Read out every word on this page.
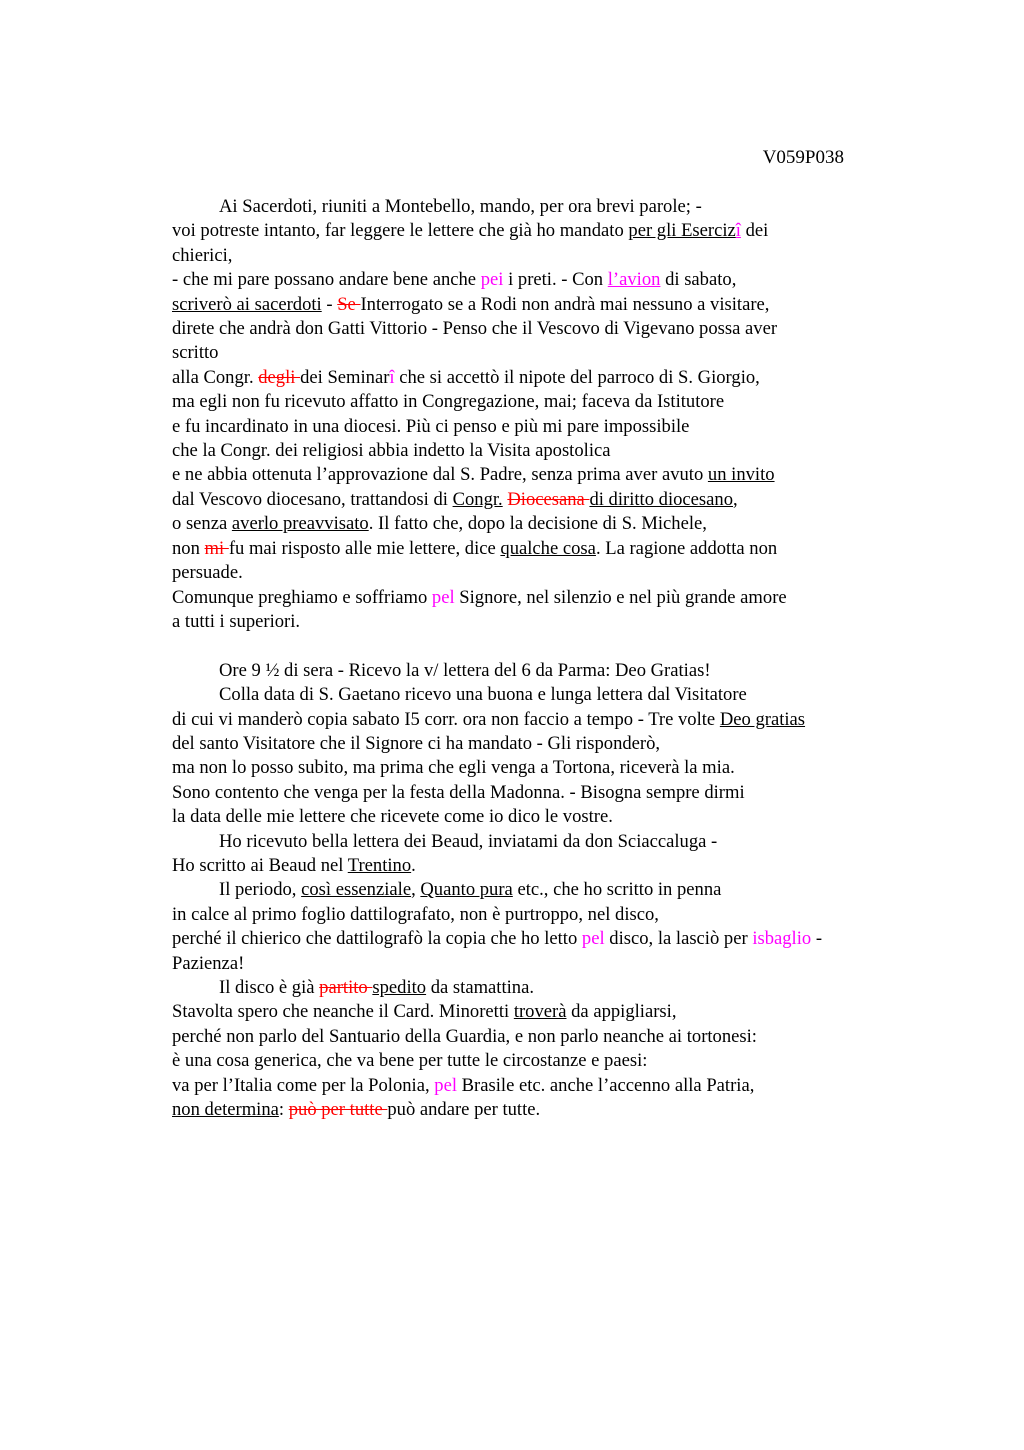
V059P038
Ai Sacerdoti, riuniti a Montebello, mando, per ora brevi parole; -
voi potreste intanto, far leggere le lettere che già ho mandato per gli Esercizî dei
chierici,
- che mi pare possano andare bene anche pei i preti. - Con l’avion di sabato,
scriverò ai sacerdoti - Se Interrogato se a Rodi non andrà mai nessuno a visitare,
direte che andrà don Gatti Vittorio - Penso che il Vescovo di Vigevano possa aver
scritto
alla Congr. degli dei Seminarî che si accettò il nipote del parroco di S. Giorgio,
ma egli non fu ricevuto affatto in Congregazione, mai; faceva da Istitutore
e fu incardinato in una diocesi. Più ci penso e più mi pare impossibile
che la Congr. dei religiosi abbia indetto la Visita apostolica
e ne abbia ottenuta l’approvazione dal S. Padre, senza prima aver avuto un invito
dal Vescovo diocesano, trattandosi di Congr. Diocesana di diritto diocesano,
o senza averlo preavvisato. Il fatto che, dopo la decisione di S. Michele,
non mi fu mai risposto alle mie lettere, dice qualche cosa. La ragione addotta non
persuade.
Comunque preghiamo e soffriamo pel Signore, nel silenzio e nel più grande amore
a tutti i superiori.
Ore 9 ½ di sera - Ricevo la v/ lettera del 6 da Parma: Deo Gratias!
Colla data di S. Gaetano ricevo una buona e lunga lettera dal Visitatore
di cui vi manderò copia sabato I5 corr. ora non faccio a tempo - Tre volte Deo gratias
del santo Visitatore che il Signore ci ha mandato - Gli risponderò,
ma non lo posso subito, ma prima che egli venga a Tortona, riceverà la mia.
Sono contento che venga per la festa della Madonna. - Bisogna sempre dirmi
la data delle mie lettere che ricevete come io dico le vostre.
Ho ricevuto bella lettera dei Beaud, inviatami da don Sciaccaluga -
Ho scritto ai Beaud nel Trentino.
Il periodo, così essenziale, Quanto pura etc., che ho scritto in penna
in calce al primo foglio dattilografato, non è purtroppo, nel disco,
perché il chierico che dattilografò la copia che ho letto pel disco, la lasciò per isbaglio -
Pazienza!
Il disco è già partito spedito da stamattina.
Stavolta spero che neanche il Card. Minoretti troverà da appigliarsi,
perché non parlo del Santuario della Guardia, e non parlo neanche ai tortonesi:
è una cosa generica, che va bene per tutte le circostanze e paesi:
va per l’Italia come per la Polonia, pel Brasile etc. anche l’accenno alla Patria,
non determina: può per tutte può andare per tutte.
